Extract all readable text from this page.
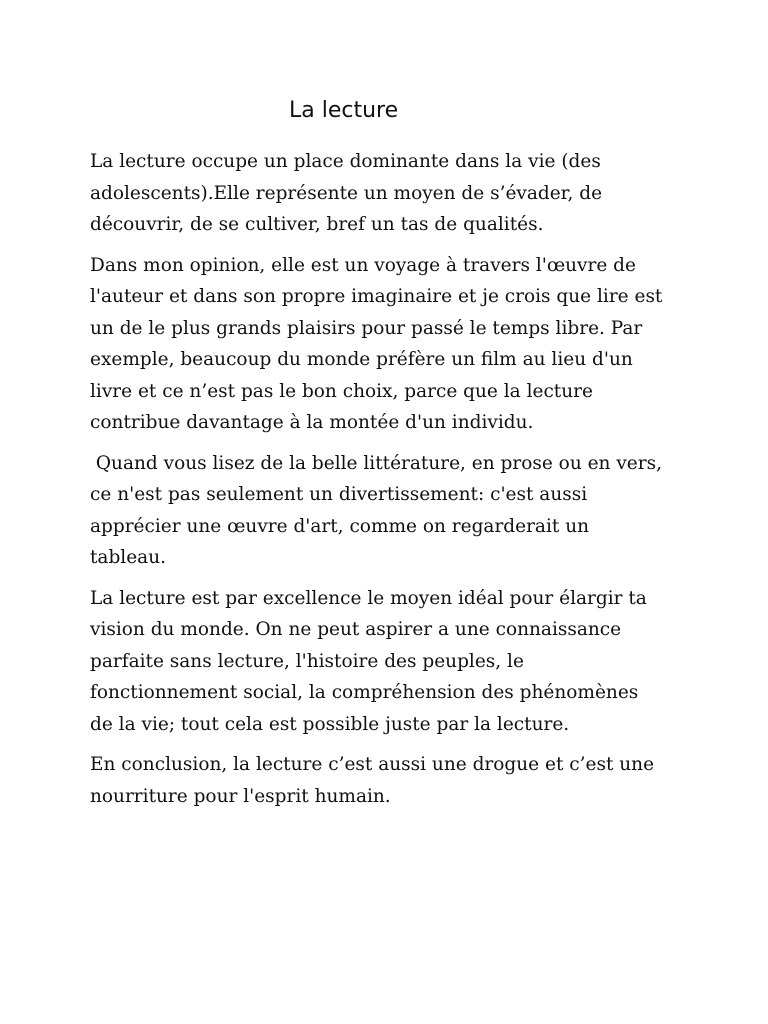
La lecture

La lecture occupe un place dominante dans la vie (des
adolescents).Elle représente un moyen de s’évader, de
découvrir, de se cultiver, bref un tas de qualités.

Dans mon opinion, elle est un voyage à travers l'œuvre de
l'auteur et dans son propre imaginaire et je crois que lire est
un de le plus grands plaisirs pour passé le temps libre. Par
exemple, beaucoup du monde préfère un film au lieu d'un
livre et ce n’est pas le bon choix, parce que la lecture
contribue davantage à la montée d'un individu.

Quand vous lisez de la belle littérature, en prose ou en vers,
ce n'est pas seulement un divertissement: c'est aussi
apprécier une œuvre d'art, comme on regarderait un
tableau.

La lecture est par excellence le moyen idéal pour élargir ta
vision du monde. On ne peut aspirer a une connaissance
parfaite sans lecture, l'histoire des peuples, le
fonctionnement social, la compréhension des phénomènes
de la vie; tout cela est possible juste par la lecture.

En conclusion, la lecture c’est aussi une drogue et c’est une
nourriture pour l'esprit humain.
